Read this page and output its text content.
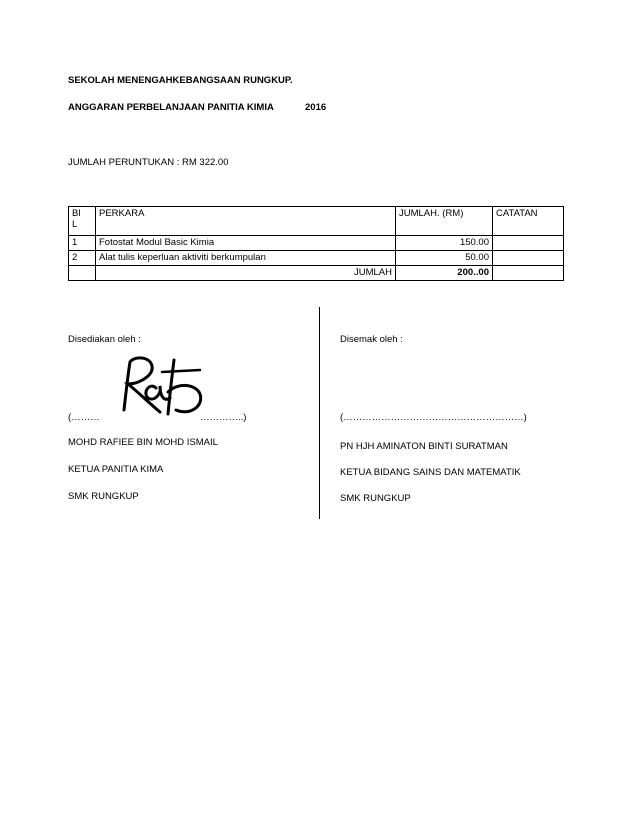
SEKOLAH MENENGAHKEBANGSAAN RUNGKUP.
ANGGARAN PERBELANJAAN PANITIA KIMIA	2016
JUMLAH PERUNTUKAN : RM 322.00
Bl
L	PERKARA	JUMLAH. (RM)	CATATAN
1	Fotostat Modul Basic Kimia	150.00	
2	Alat tulis keperluan aktiviti berkumpulan	50.00	
	JUMLAH	200..00	
Disediakan oleh :
(………	…………..)
MOHD RAFIEE BIN MOHD ISMAIL
KETUA PANITIA KIMA
SMK RUNGKUP
Disemak oleh :
(…………………………………………………)
PN HJH AMINATON BINTI SURATMAN
KETUA BIDANG SAINS DAN MATEMATIK
SMK RUNGKUP
